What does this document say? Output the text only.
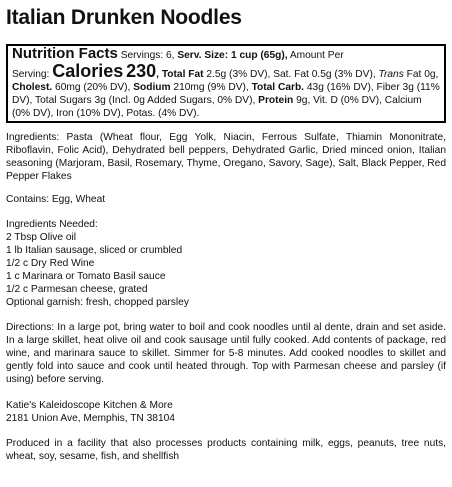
Italian Drunken Noodles
Nutrition Facts Servings: 6, Serv. Size: 1 cup (65g), Amount Per
Serving: Calories 230, Total Fat 2.5g (3% DV), Sat. Fat 0.5g (3% DV), Trans Fat 0g, Cholest. 60mg (20% DV), Sodium 210mg (9% DV), Total Carb. 43g (16% DV), Fiber 3g (11% DV), Total Sugars 3g (Incl. 0g Added Sugars, 0% DV), Protein 9g, Vit. D (0% DV), Calcium (0% DV), Iron (10% DV), Potas. (4% DV).

Ingredients: Pasta (Wheat flour, Egg Yolk, Niacin, Ferrous Sulfate, Thiamin Mononitrate, Riboflavin, Folic Acid), Dehydrated bell peppers, Dehydrated Garlic, Dried minced onion, Italian seasoning (Marjoram, Basil, Rosemary, Thyme, Oregano, Savory, Sage), Salt, Black Pepper, Red Pepper Flakes

Contains: Egg, Wheat

Ingredients Needed:
2 Tbsp Olive oil
1 lb Italian sausage, sliced or crumbled
1/2 c Dry Red Wine
1 c Marinara or Tomato Basil sauce
1/2 c Parmesan cheese, grated
Optional garnish: fresh, chopped parsley

Directions: In a large pot, bring water to boil and cook noodles until al dente, drain and set aside. In a large skillet, heat olive oil and cook sausage until fully cooked. Add contents of package, red wine, and marinara sauce to skillet. Simmer for 5-8 minutes. Add cooked noodles to skillet and gently fold into sauce and cook until heated through. Top with Parmesan cheese and parsley (if using) before serving.

Katie's Kaleidoscope Kitchen & More
2181 Union Ave, Memphis, TN 38104

Produced in a facility that also processes products containing milk, eggs, peanuts, tree nuts, wheat, soy, sesame, fish, and shellfish
